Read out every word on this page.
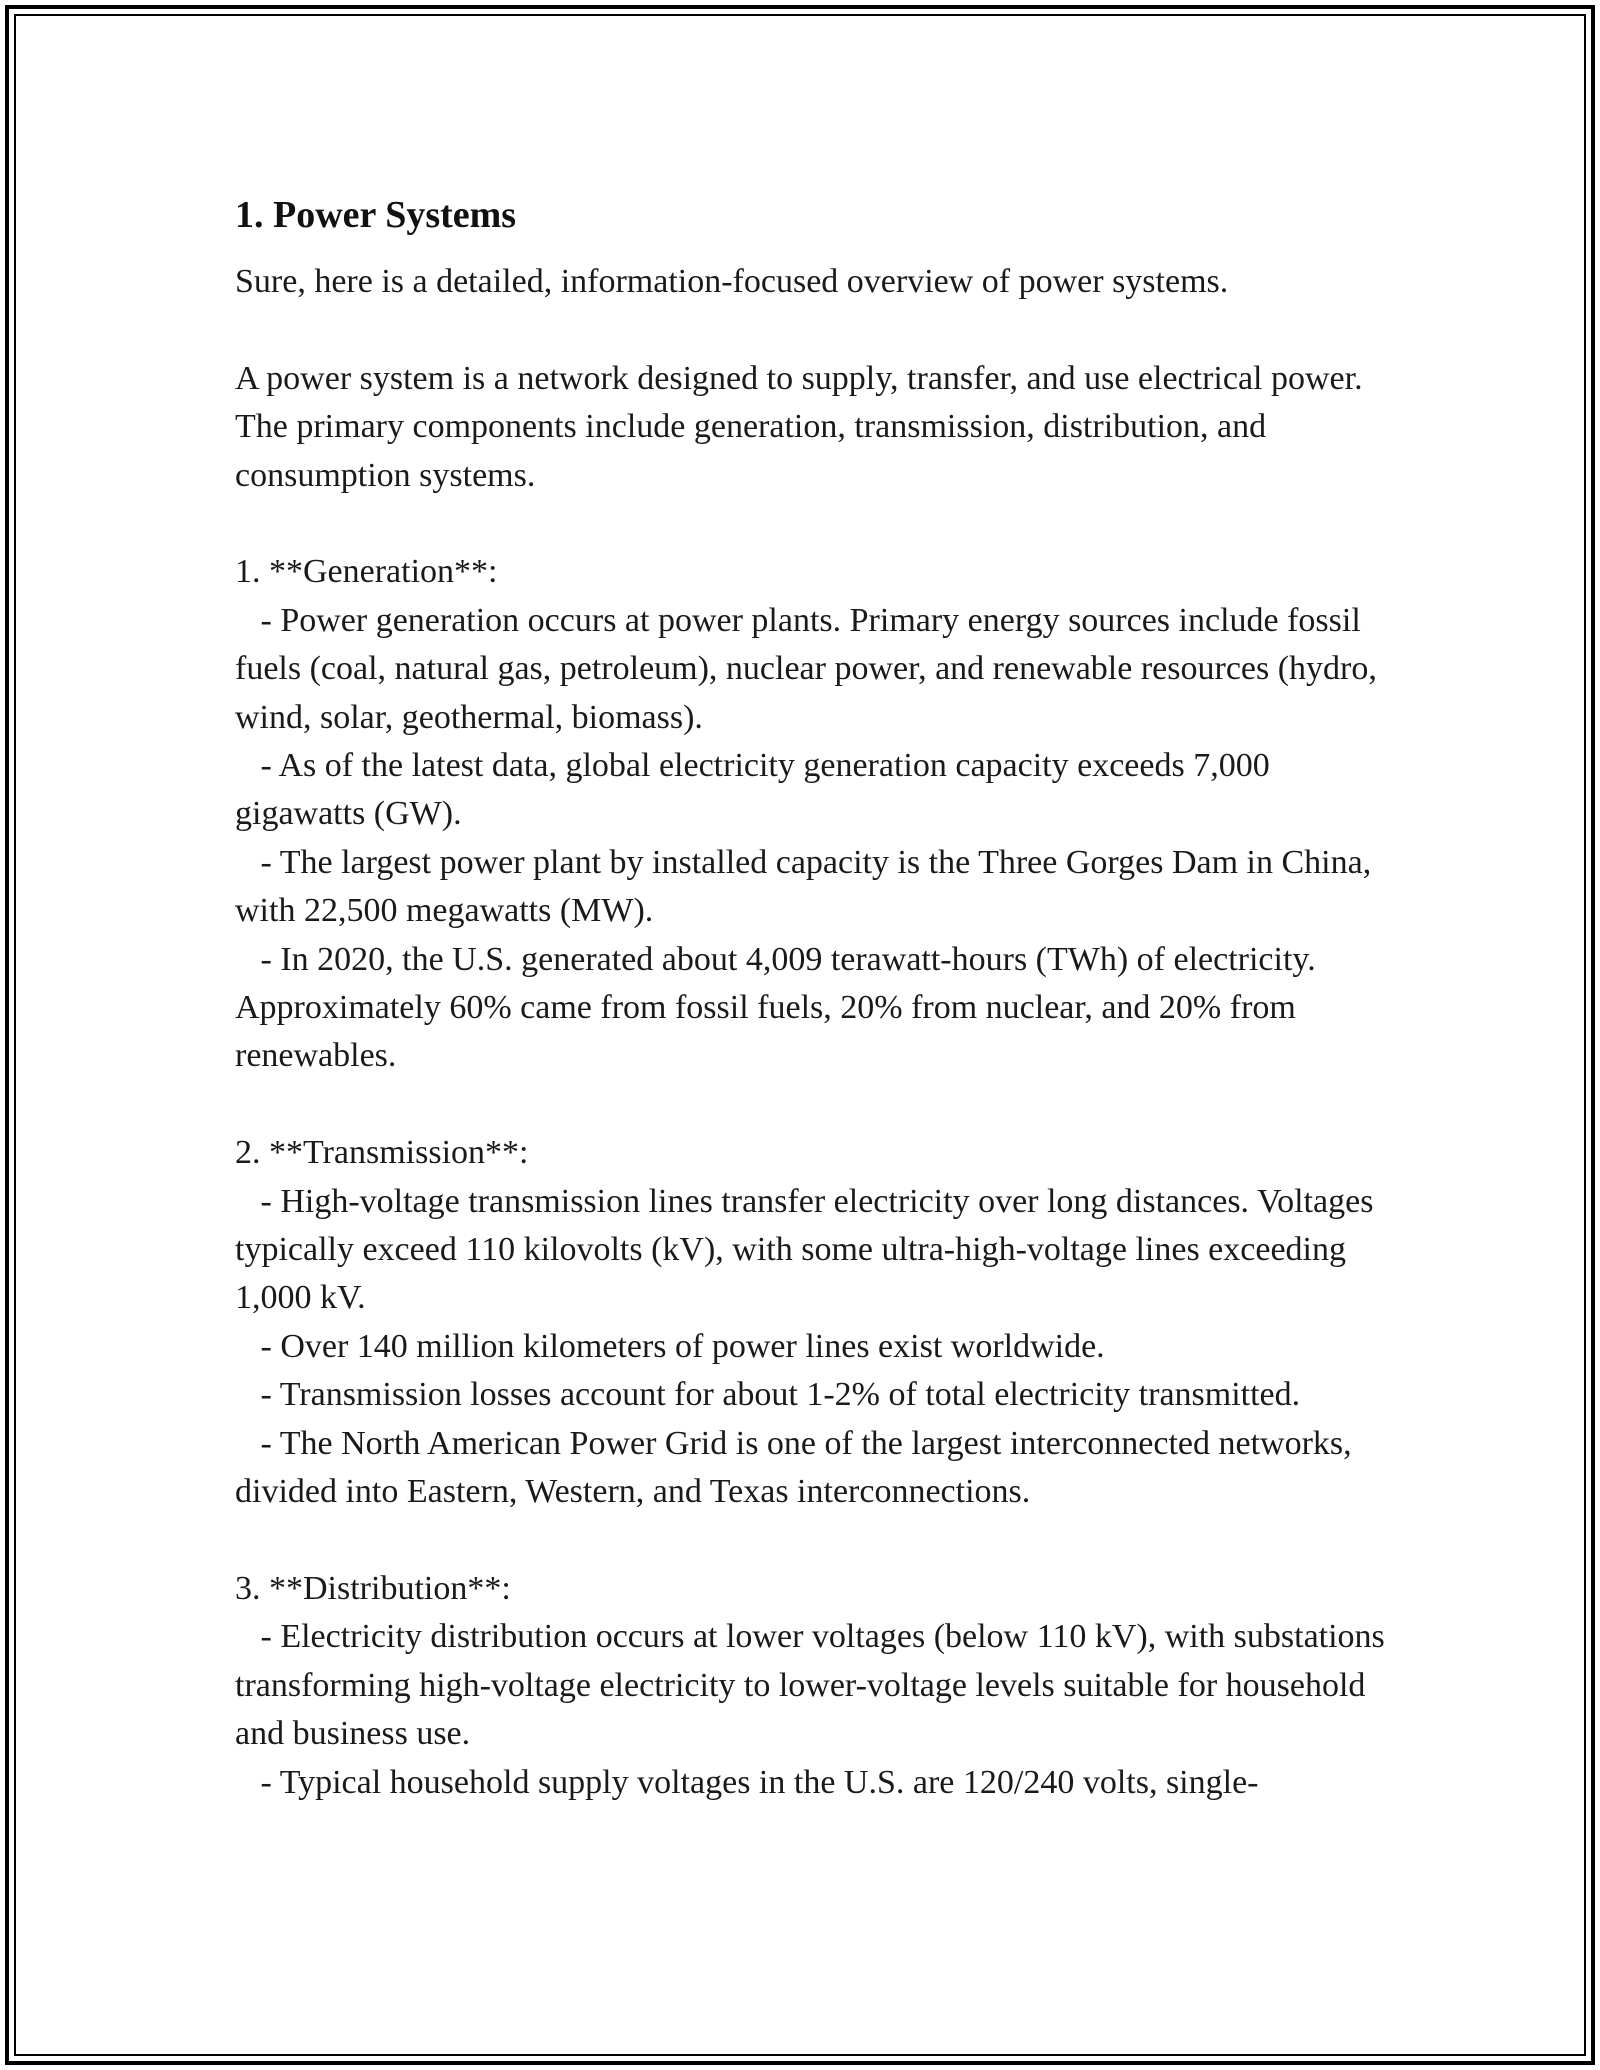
1. Power Systems

Sure, here is a detailed, information-focused overview of power systems.

A power system is a network designed to supply, transfer, and use electrical power. The primary components include generation, transmission, distribution, and consumption systems.

1. **Generation**:

- Power generation occurs at power plants. Primary energy sources include fossil fuels (coal, natural gas, petroleum), nuclear power, and renewable resources (hydro, wind, solar, geothermal, biomass).

- As of the latest data, global electricity generation capacity exceeds 7,000 gigawatts (GW).

- The largest power plant by installed capacity is the Three Gorges Dam in China, with 22,500 megawatts (MW).

- In 2020, the U.S. generated about 4,009 terawatt-hours (TWh) of electricity. Approximately 60% came from fossil fuels, 20% from nuclear, and 20% from renewables.

2. **Transmission**:

- High-voltage transmission lines transfer electricity over long distances. Voltages typically exceed 110 kilovolts (kV), with some ultra-high-voltage lines exceeding 1,000 kV.

- Over 140 million kilometers of power lines exist worldwide.

- Transmission losses account for about 1-2% of total electricity transmitted.

- The North American Power Grid is one of the largest interconnected networks, divided into Eastern, Western, and Texas interconnections.

3. **Distribution**:

- Electricity distribution occurs at lower voltages (below 110 kV), with substations transforming high-voltage electricity to lower-voltage levels suitable for household and business use.

- Typical household supply voltages in the U.S. are 120/240 volts, single-
